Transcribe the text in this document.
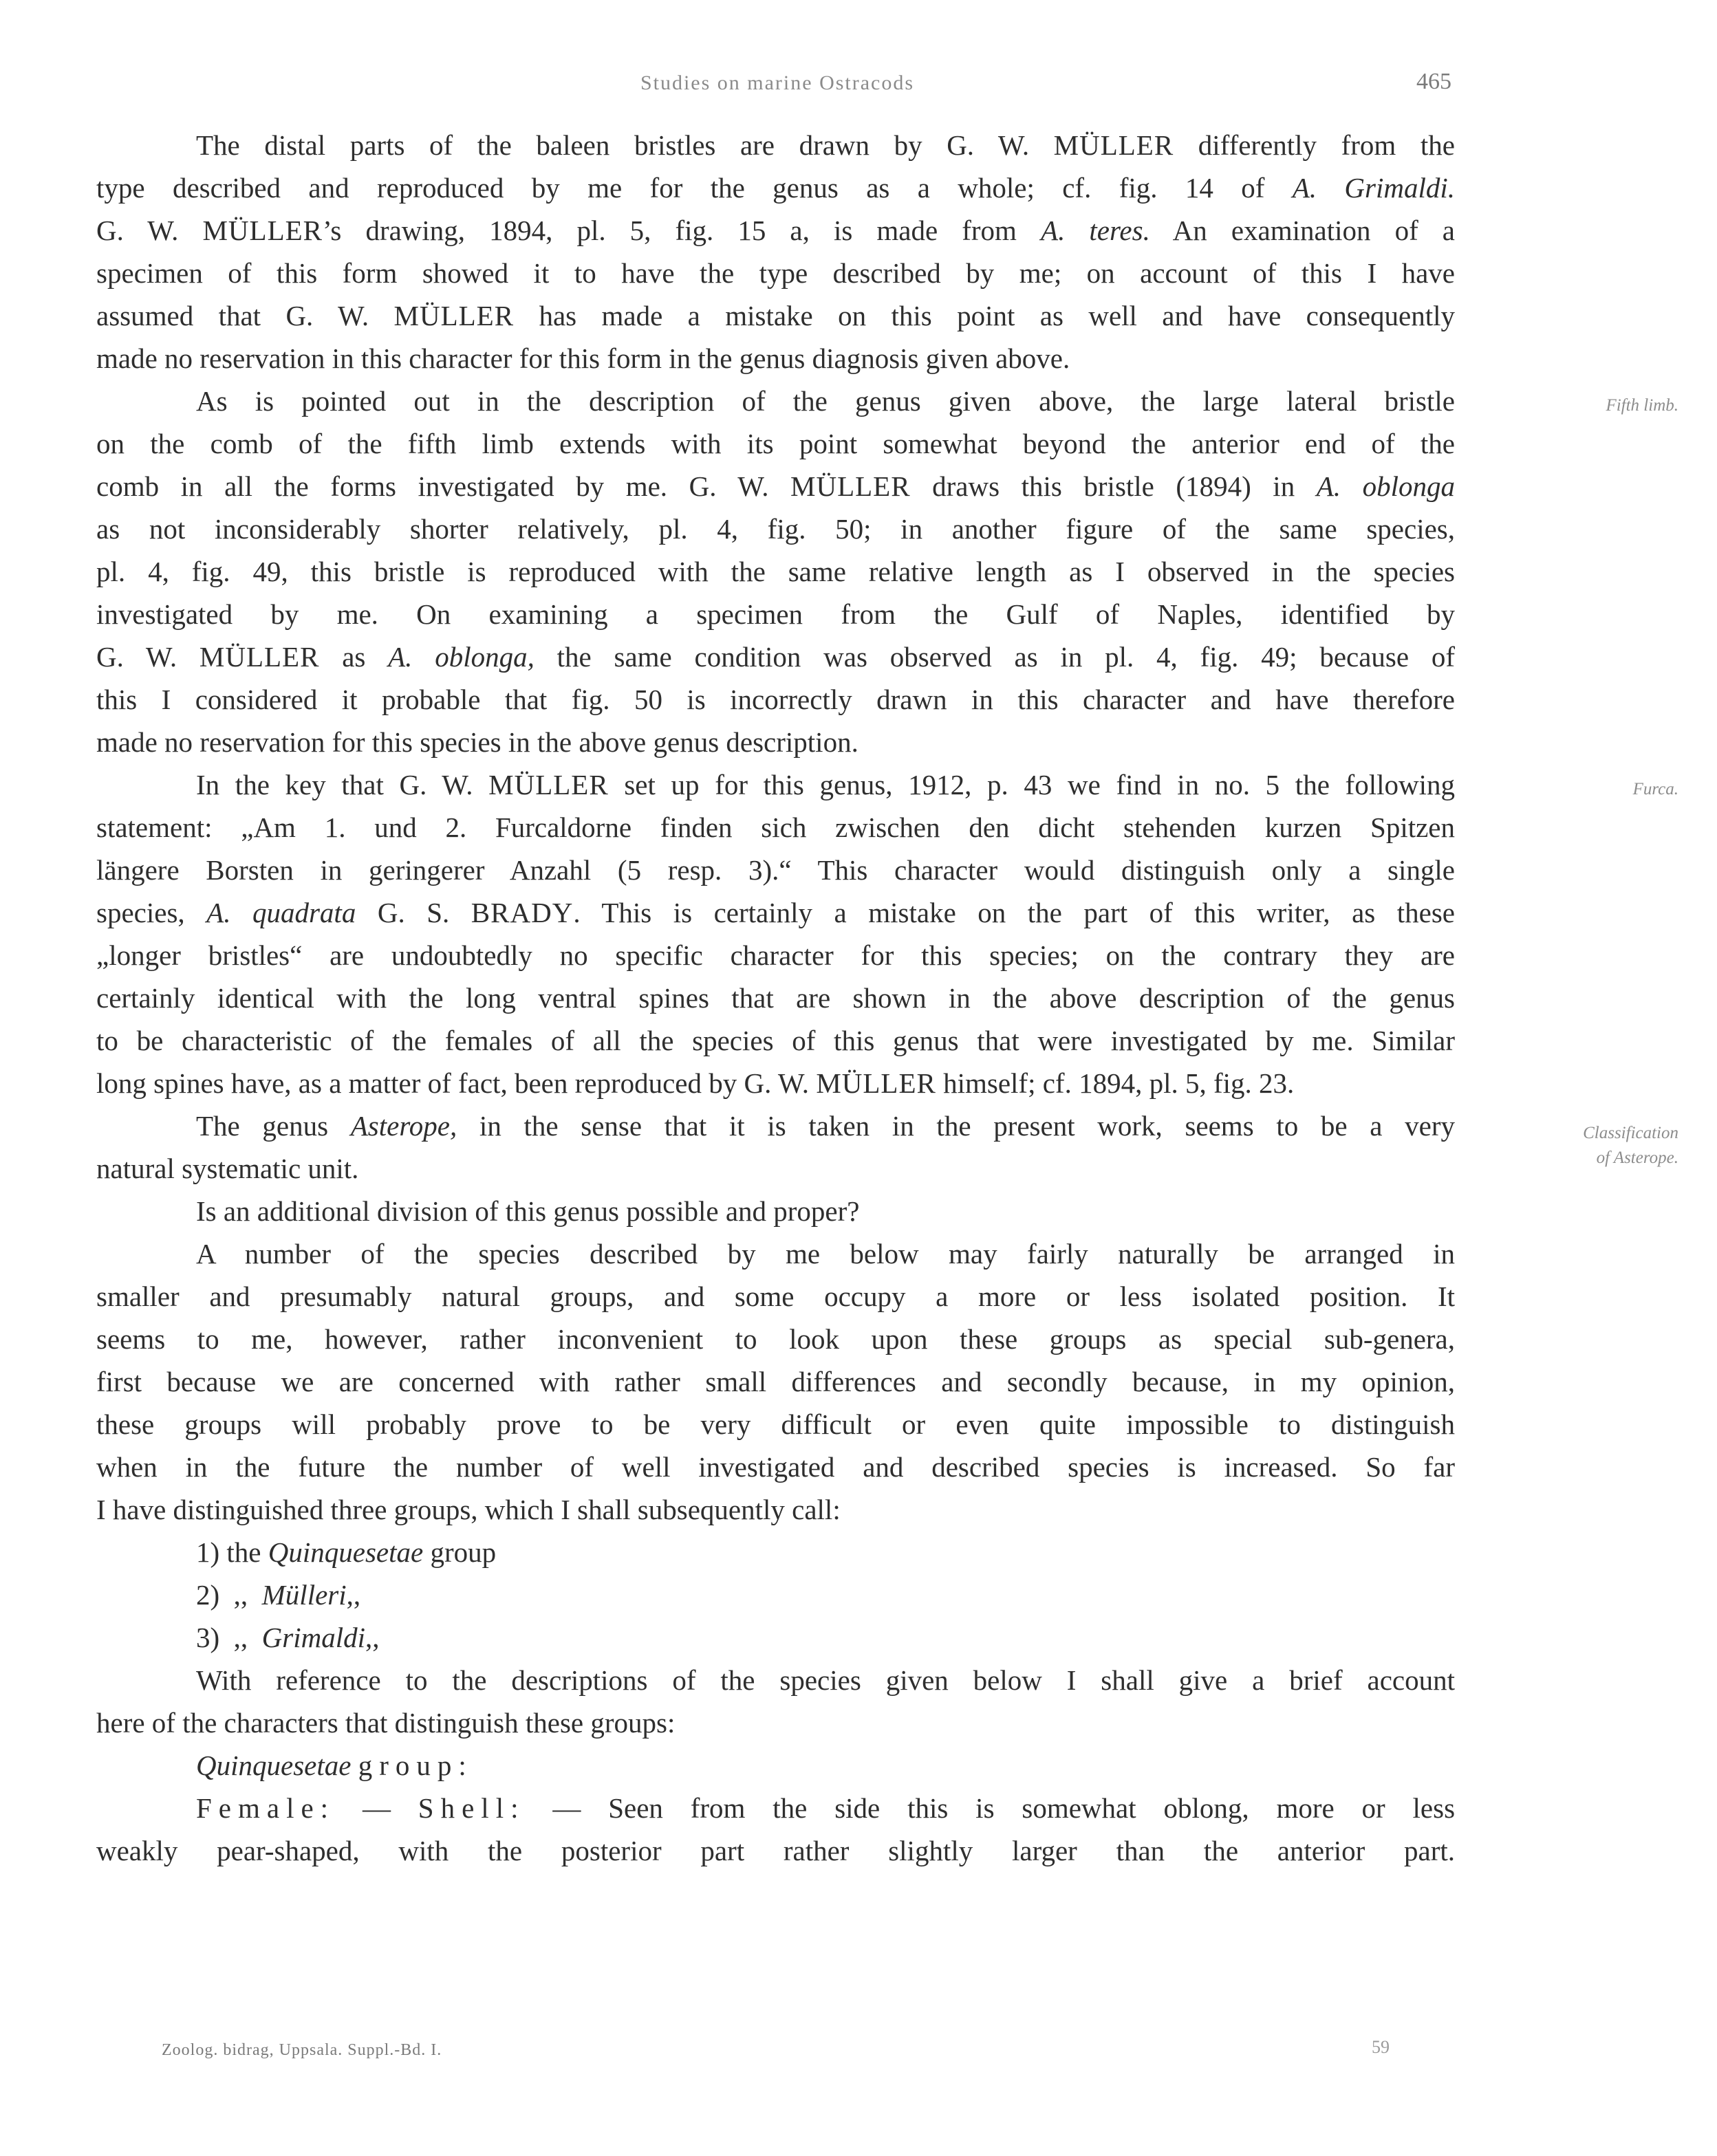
Studies on marine Ostracods	465
Fifth limb.
Furca.
Classification
of Asterope.
The distal parts of the baleen bristles are drawn by G. W. MÜLLER differently from the
type described and reproduced by me for the genus as a whole; cf. fig. 14 of A. Grimaldi.
G. W. MÜLLER’s drawing, 1894, pl. 5, fig. 15 a, is made from A. teres. An examination of a
specimen of this form showed it to have the type described by me; on account of this I have
assumed that G. W. MÜLLER has made a mistake on this point as well and have consequently
made no reservation in this character for this form in the genus diagnosis given above.
As is pointed out in the description of the genus given above, the large lateral bristle
on the comb of the fifth limb extends with its point somewhat beyond the anterior end of the
comb in all the forms investigated by me. G. W. MÜLLER draws this bristle (1894) in A. oblonga
as not inconsiderably shorter relatively, pl. 4, fig. 50; in another figure of the same species,
pl. 4, fig. 49, this bristle is reproduced with the same relative length as I observed in the species
investigated by me. On examining a specimen from the Gulf of Naples, identified by
G. W. MÜLLER as A. oblonga, the same condition was observed as in pl. 4, fig. 49; because of
this I considered it probable that fig. 50 is incorrectly drawn in this character and have therefore
made no reservation for this species in the above genus description.
In the key that G. W. MÜLLER set up for this genus, 1912, p. 43 we find in no. 5 the following
statement: „Am 1. und 2. Furcaldorne finden sich zwischen den dicht stehenden kurzen Spitzen
längere Borsten in geringerer Anzahl (5 resp. 3).“ This character would distinguish only a single
species, A. quadrata G. S. BRADY. This is certainly a mistake on the part of this writer, as these
„longer bristles“ are undoubtedly no specific character for this species; on the contrary they are
certainly identical with the long ventral spines that are shown in the above description of the genus
to be characteristic of the females of all the species of this genus that were investigated by me. Similar
long spines have, as a matter of fact, been reproduced by G. W. MÜLLER himself; cf. 1894, pl. 5, fig. 23.
The genus Asterope, in the sense that it is taken in the present work, seems to be a very
natural systematic unit.
Is an additional division of this genus possible and proper?
A number of the species described by me below may fairly naturally be arranged in
smaller and presumably natural groups, and some occupy a more or less isolated position. It
seems to me, however, rather inconvenient to look upon these groups as special sub-genera,
first because we are concerned with rather small differences and secondly because, in my opinion,
these groups will probably prove to be very difficult or even quite impossible to distinguish
when in the future the number of well investigated and described species is increased. So far
I have distinguished three groups, which I shall subsequently call:
1) the Quinquesetae group
2) ,, Mülleri,,
3) ,, Grimaldi,,
With reference to the descriptions of the species given below I shall give a brief account
here of the characters that distinguish these groups:
Quinquesetae group:
Female: — Shell: — Seen from the side this is somewhat oblong, more or less
weakly pear-shaped, with the posterior part rather slightly larger than the anterior part.
Zoolog. bidrag, Uppsala. Suppl.-Bd. I.	59
